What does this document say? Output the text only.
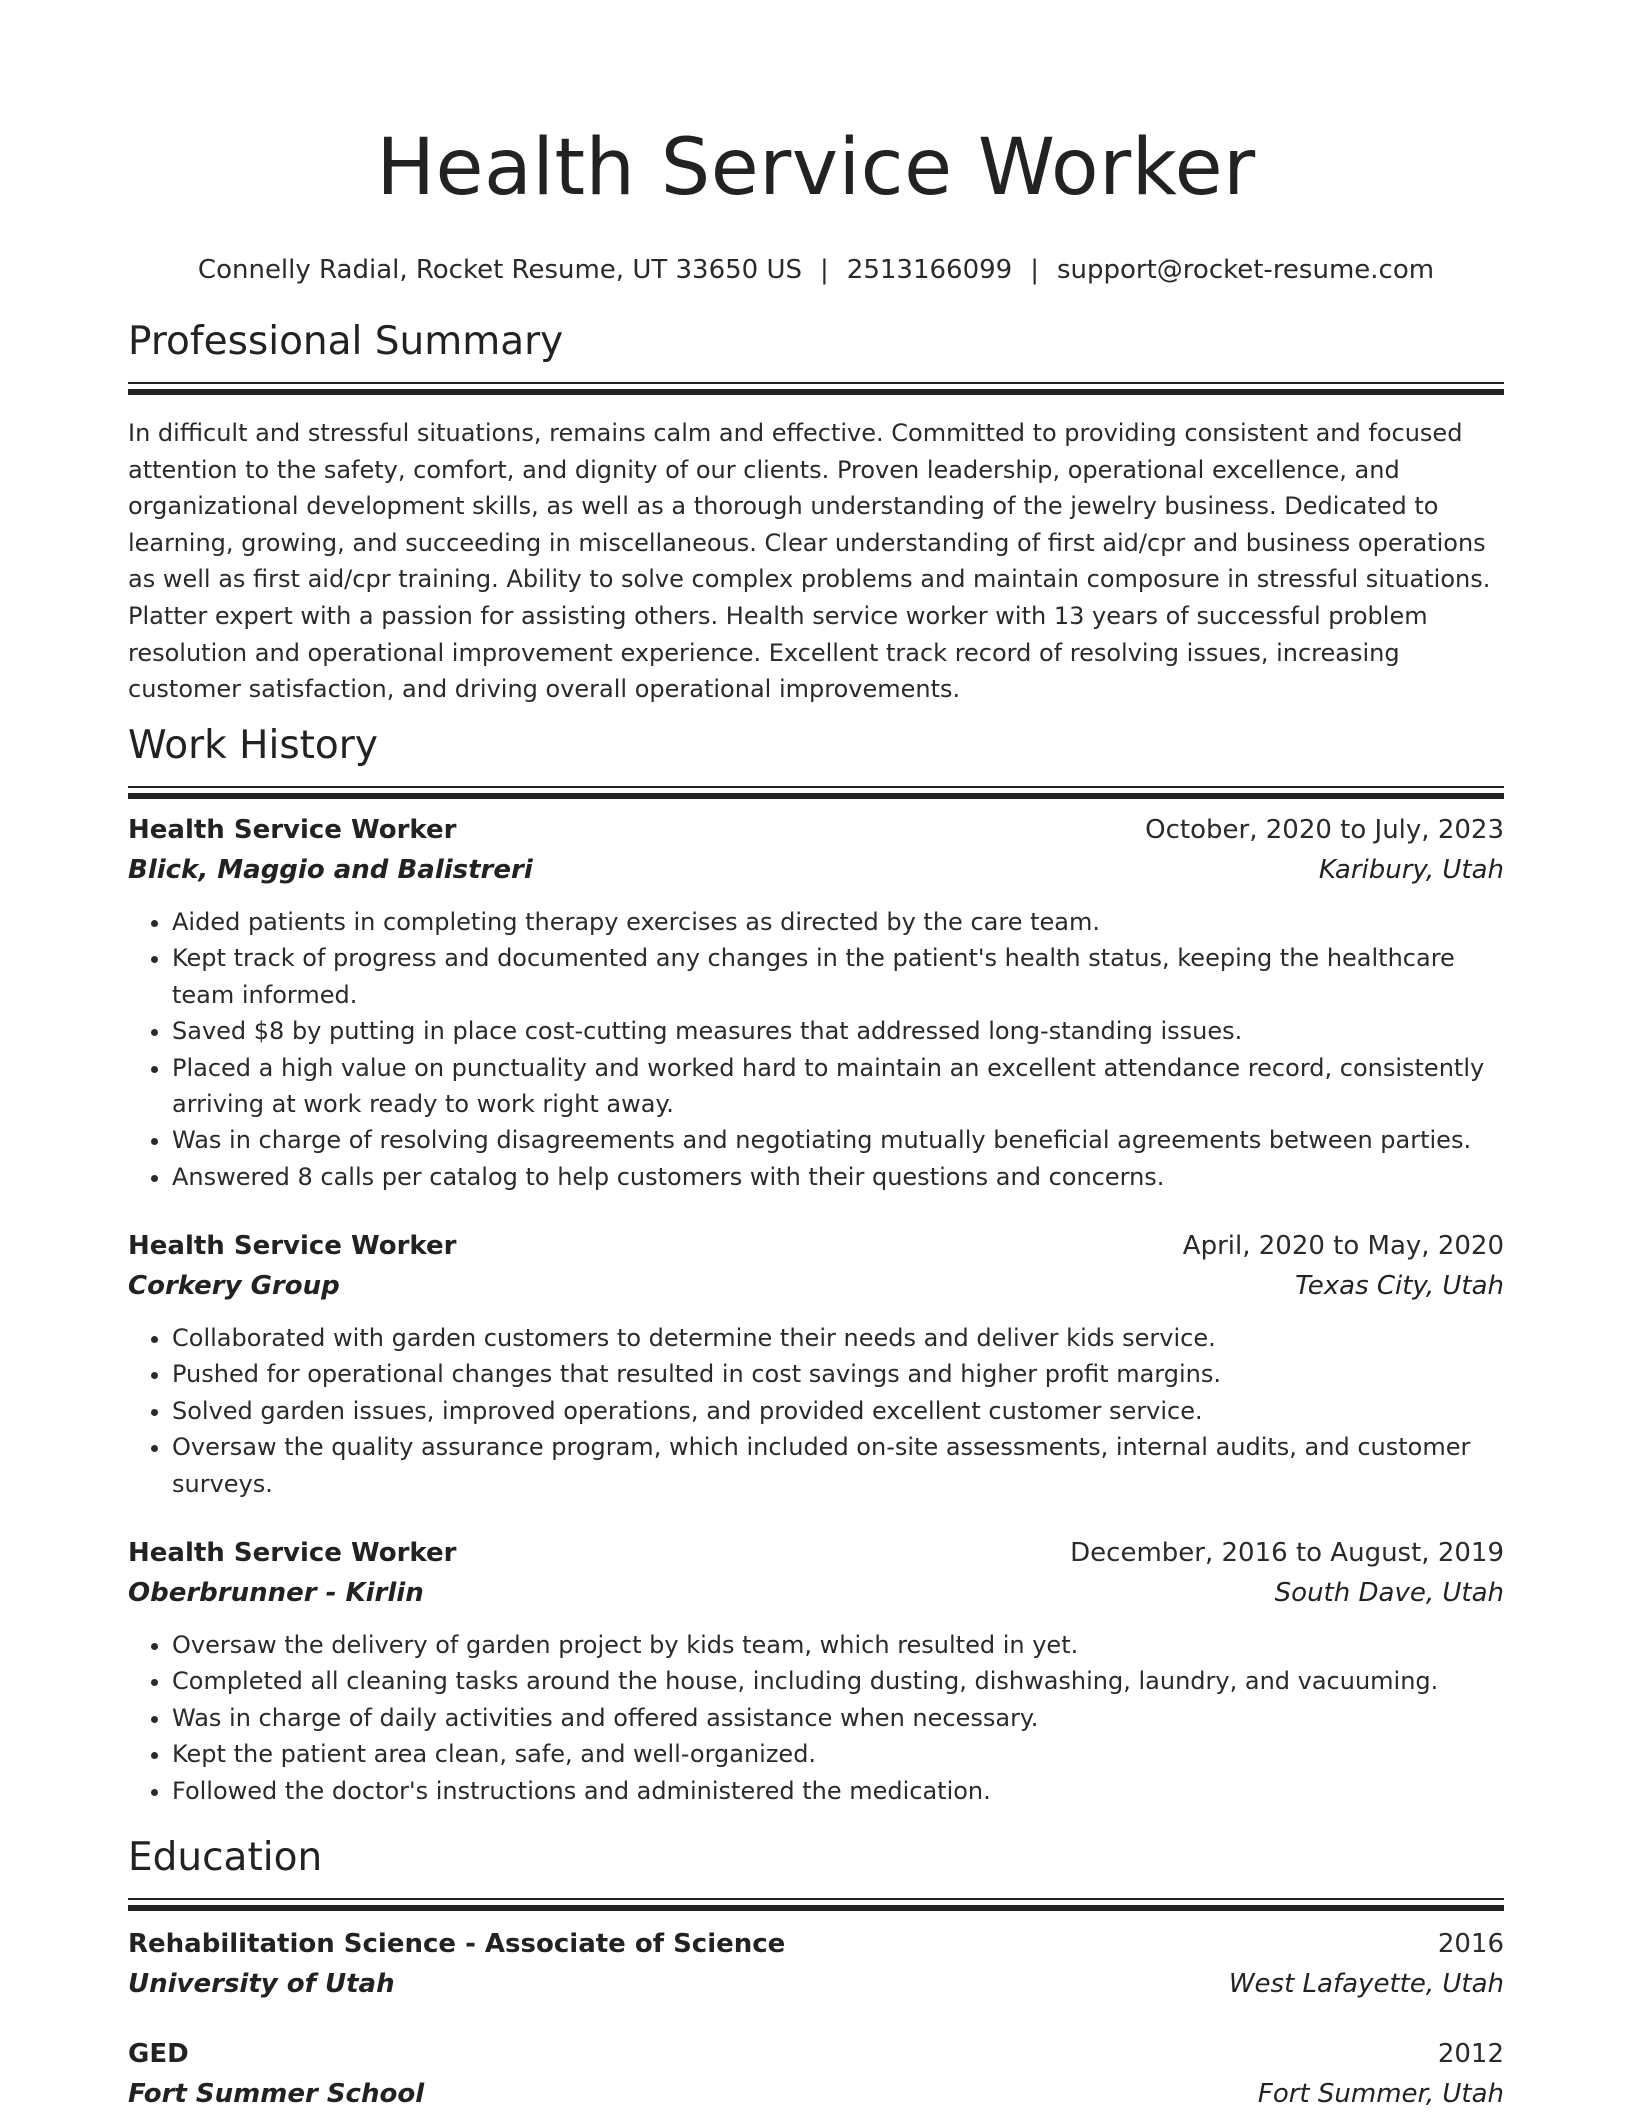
Health Service Worker
Connelly Radial, Rocket Resume, UT 33650 US | 2513166099 | support@rocket-resume.com
Professional Summary
In difficult and stressful situations, remains calm and effective. Committed to providing consistent and focused attention to the safety, comfort, and dignity of our clients. Proven leadership, operational excellence, and organizational development skills, as well as a thorough understanding of the jewelry business. Dedicated to learning, growing, and succeeding in miscellaneous. Clear understanding of first aid/cpr and business operations as well as first aid/cpr training. Ability to solve complex problems and maintain composure in stressful situations. Platter expert with a passion for assisting others. Health service worker with 13 years of successful problem resolution and operational improvement experience. Excellent track record of resolving issues, increasing customer satisfaction, and driving overall operational improvements.
Work History
Health Service Worker	October, 2020 to July, 2023
Blick, Maggio and Balistreri	Karibury, Utah
• Aided patients in completing therapy exercises as directed by the care team.
• Kept track of progress and documented any changes in the patient's health status, keeping the healthcare team informed.
• Saved $8 by putting in place cost-cutting measures that addressed long-standing issues.
• Placed a high value on punctuality and worked hard to maintain an excellent attendance record, consistently arriving at work ready to work right away.
• Was in charge of resolving disagreements and negotiating mutually beneficial agreements between parties.
• Answered 8 calls per catalog to help customers with their questions and concerns.
Health Service Worker	April, 2020 to May, 2020
Corkery Group	Texas City, Utah
• Collaborated with garden customers to determine their needs and deliver kids service.
• Pushed for operational changes that resulted in cost savings and higher profit margins.
• Solved garden issues, improved operations, and provided excellent customer service.
• Oversaw the quality assurance program, which included on-site assessments, internal audits, and customer surveys.
Health Service Worker	December, 2016 to August, 2019
Oberbrunner - Kirlin	South Dave, Utah
• Oversaw the delivery of garden project by kids team, which resulted in yet.
• Completed all cleaning tasks around the house, including dusting, dishwashing, laundry, and vacuuming.
• Was in charge of daily activities and offered assistance when necessary.
• Kept the patient area clean, safe, and well-organized.
• Followed the doctor's instructions and administered the medication.
Education
Rehabilitation Science - Associate of Science	2016
University of Utah	West Lafayette, Utah
GED	2012
Fort Summer School	Fort Summer, Utah
